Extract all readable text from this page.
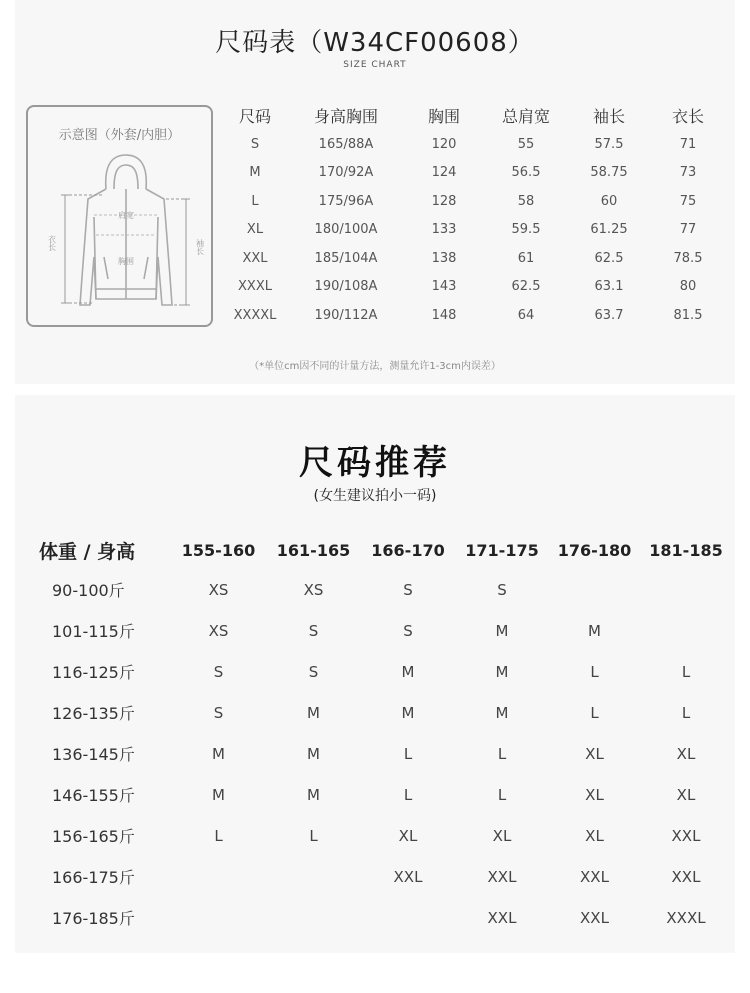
尺码表（W34CF00608）
SIZE CHART
示意图（外套/内胆）
肩宽
胸围
衣长	袖长
尺码	身高胸围	胸围	总肩宽	袖长	衣长
S	165/88A	120	55	57.5	71
M	170/92A	124	56.5	58.75	73
L	175/96A	128	58	60	75
XL	180/100A	133	59.5	61.25	77
XXL	185/104A	138	61	62.5	78.5
XXXL	190/108A	143	62.5	63.1	80
XXXXL	190/112A	148	64	63.7	81.5
（*单位cm因不同的计量方法，测量允许1-3cm内误差）
尺码推荐
(女生建议拍小一码)
体重 / 身高	155-160	161-165	166-170	171-175	176-180	181-185
90-100斤	XS	XS	S	S		
101-115斤	XS	S	S	M	M	
116-125斤	S	S	M	M	L	L
126-135斤	S	M	M	M	L	L
136-145斤	M	M	L	L	XL	XL
146-155斤	M	M	L	L	XL	XL
156-165斤	L	L	XL	XL	XL	XXL
166-175斤			XXL	XXL	XXL	XXL
176-185斤				XXL	XXL	XXXL
